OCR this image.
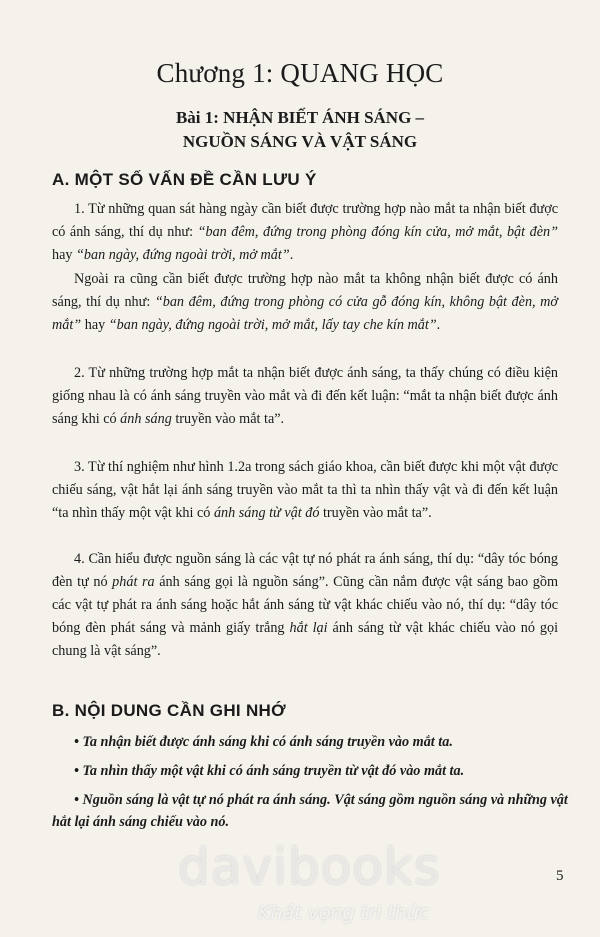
Chương 1: QUANG HỌC
Bài 1: NHẬN BIẾT ÁNH SÁNG –
NGUỒN SÁNG VÀ VẬT SÁNG
A. MỘT SỐ VẤN ĐỀ CẦN LƯU Ý
1. Từ những quan sát hàng ngày cần biết được trường hợp nào mắt ta nhận biết được có ánh sáng, thí dụ như: “ban đêm, đứng trong phòng đóng kín cửa, mở mắt, bật đèn” hay “ban ngày, đứng ngoài trời, mở mắt”.
Ngoài ra cũng cần biết được trường hợp nào mắt ta không nhận biết được có ánh sáng, thí dụ như: “ban đêm, đứng trong phòng có cửa gỗ đóng kín, không bật đèn, mở mắt” hay “ban ngày, đứng ngoài trời, mở mắt, lấy tay che kín mắt”.
2. Từ những trường hợp mắt ta nhận biết được ánh sáng, ta thấy chúng có điều kiện giống nhau là có ánh sáng truyền vào mắt và đi đến kết luận: “mắt ta nhận biết được ánh sáng khi có ánh sáng truyền vào mắt ta”.
3. Từ thí nghiệm như hình 1.2a trong sách giáo khoa, cần biết được khi một vật được chiếu sáng, vật hắt lại ánh sáng truyền vào mắt ta thì ta nhìn thấy vật và đi đến kết luận “ta nhìn thấy một vật khi có ánh sáng từ vật đó truyền vào mắt ta”.
4. Cần hiểu được nguồn sáng là các vật tự nó phát ra ánh sáng, thí dụ: “dây tóc bóng đèn tự nó phát ra ánh sáng gọi là nguồn sáng”. Cũng cần nắm được vật sáng bao gồm các vật tự phát ra ánh sáng hoặc hắt ánh sáng từ vật khác chiếu vào nó, thí dụ: “dây tóc bóng đèn phát sáng và mảnh giấy trắng hắt lại ánh sáng từ vật khác chiếu vào nó gọi chung là vật sáng”.
B. NỘI DUNG CẦN GHI NHỚ
• Ta nhận biết được ánh sáng khi có ánh sáng truyền vào mắt ta.
• Ta nhìn thấy một vật khi có ánh sáng truyền từ vật đó vào mắt ta.
• Nguồn sáng là vật tự nó phát ra ánh sáng. Vật sáng gồm nguồn sáng và những vật hắt lại ánh sáng chiếu vào nó.
davibooks
Khát vọng tri thức
5
